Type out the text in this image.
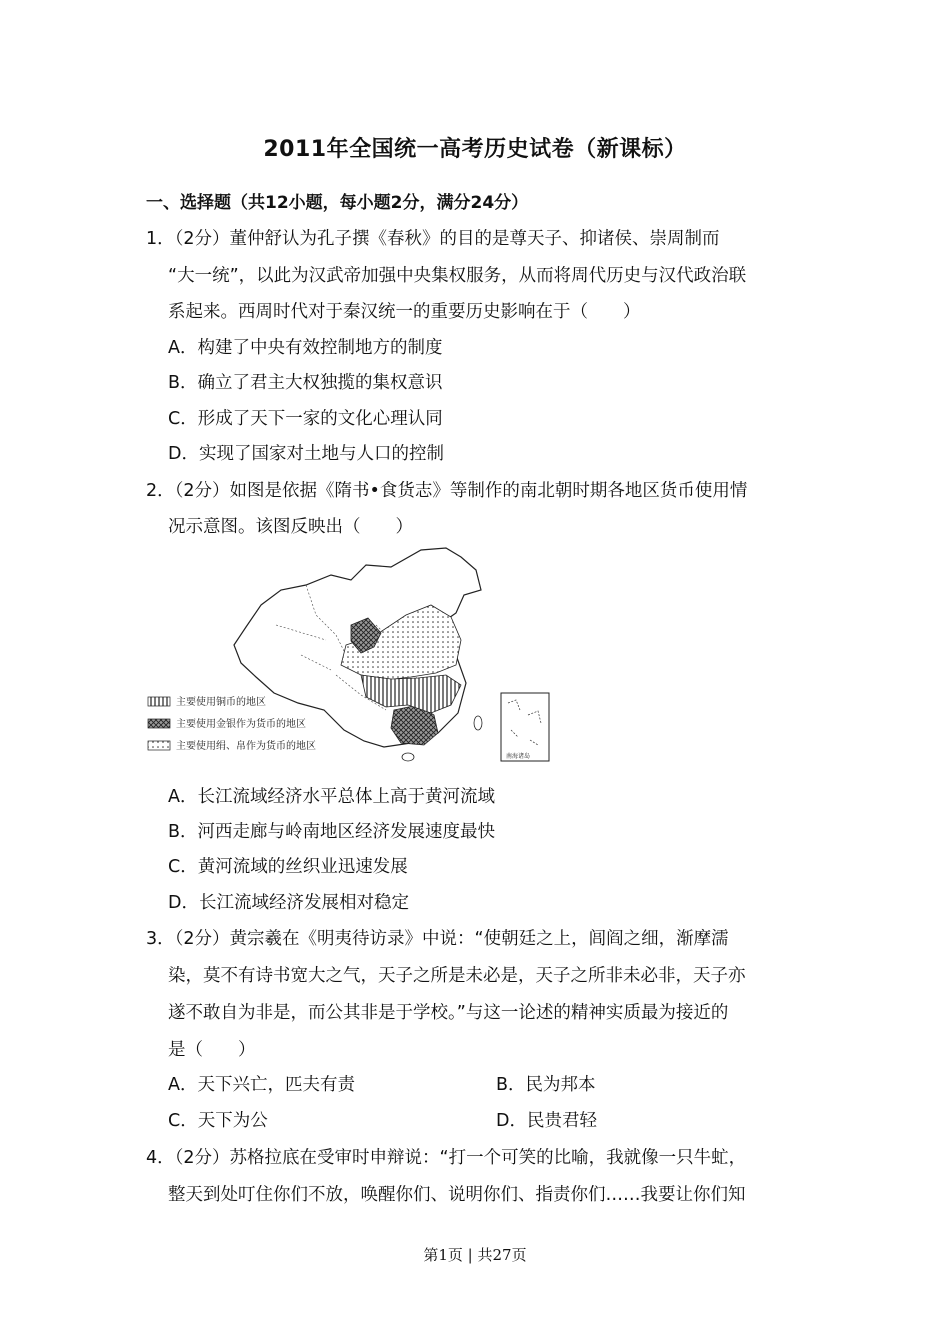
2011年全国统一高考历史试卷（新课标）
一、选择题（共12小题，每小题2分，满分24分）
1．（2分）董仲舒认为孔子撰《春秋》的目的是尊天子、抑诸侯、崇周制而
“大一统”，以此为汉武帝加强中央集权服务，从而将周代历史与汉代政治联
系起来。西周时代对于秦汉统一的重要历史影响在于（　　）
A．构建了中央有效控制地方的制度
B．确立了君主大权独揽的集权意识
C．形成了天下一家的文化心理认同
D．实现了国家对土地与人口的控制
2．（2分）如图是依据《隋书•食货志》等制作的南北朝时期各地区货币使用情
况示意图。该图反映出（　　）
南海诸岛
主要使用铜币的地区
主要使用金银作为货币的地区
主要使用绢、帛作为货币的地区
A．长江流域经济水平总体上高于黄河流域
B．河西走廊与岭南地区经济发展速度最快
C．黄河流域的丝织业迅速发展
D．长江流域经济发展相对稳定
3．（2分）黄宗羲在《明夷待访录》中说：“使朝廷之上，闾阎之细，渐摩濡
染，莫不有诗书宽大之气，天子之所是未必是，天子之所非未必非，天子亦
遂不敢自为非是，而公其非是于学校。”与这一论述的精神实质最为接近的
是（　　）
A．天下兴亡，匹夫有责	B．民为邦本
C．天下为公	D．民贵君轻
4．（2分）苏格拉底在受审时申辩说：“打一个可笑的比喻，我就像一只牛虻，
整天到处叮住你们不放，唤醒你们、说明你们、指责你们……我要让你们知
第1页 | 共27页
